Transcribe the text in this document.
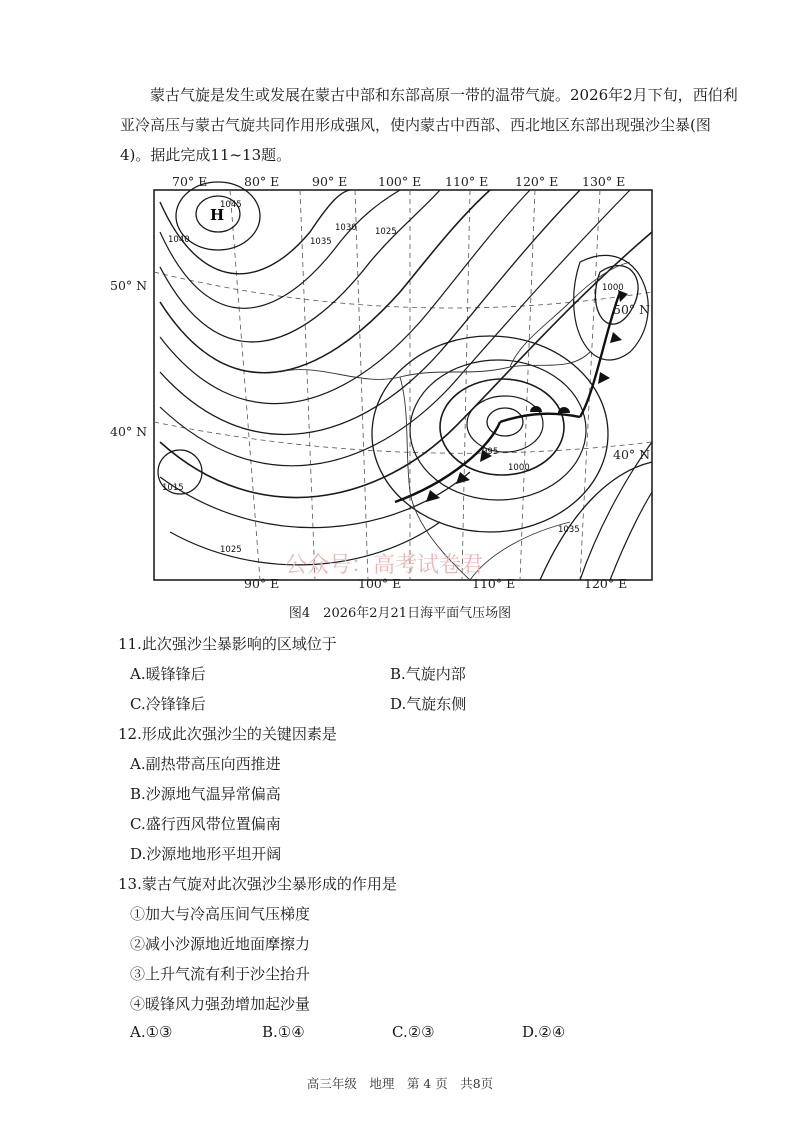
蒙古气旋是发生或发展在蒙古中部和东部高原一带的温带气旋。2026年2月下旬，西伯利亚冷高压与蒙古气旋共同作用形成强风，使内蒙古中西部、西北地区东部出现强沙尘暴(图4)。据此完成11~13题。

H
1045
1040	1035
1030 1025
1000
995
1000
1015
1025
1035
公众号：高考试卷君
70° E	80° E	90° E 100° E 110° E 120° E 130° E
90° E	100° E	110° E	120° E
50° N
40° N
50° N
40° N
图4　2026年2月21日海平面气压场图
11.此次强沙尘暴影响的区域位于
A.暖锋锋后	B.气旋内部
C.冷锋锋后	D.气旋东侧
12.形成此次强沙尘的关键因素是
A.副热带高压向西推进
B.沙源地气温异常偏高
C.盛行西风带位置偏南
D.沙源地地形平坦开阔
13.蒙古气旋对此次强沙尘暴形成的作用是
①加大与冷高压间气压梯度
②减小沙源地近地面摩擦力
③上升气流有利于沙尘抬升
④暖锋风力强劲增加起沙量
A.①③	B.①④	C.②③	D.②④
高三年级　地理　第 4 页　共8页
